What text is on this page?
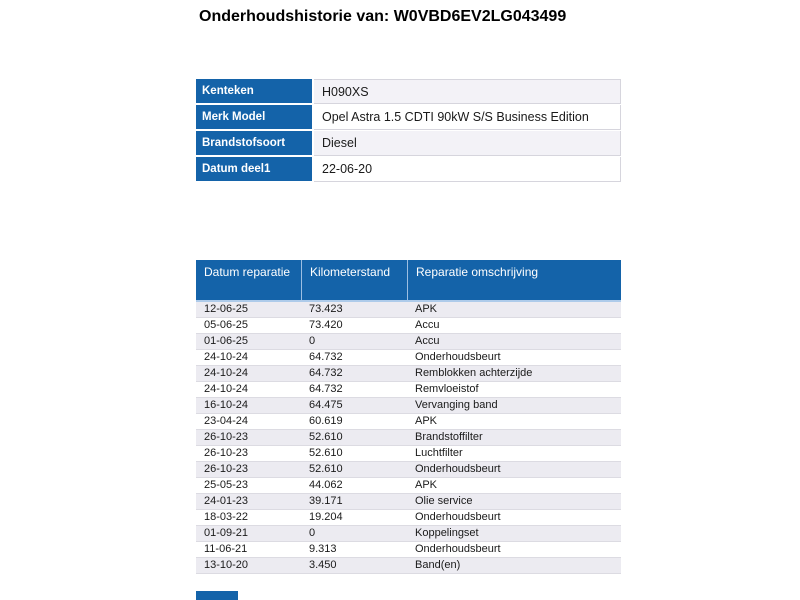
Onderhoudshistorie van: W0VBD6EV2LG043499
Kenteken	H090XS
Merk Model	Opel Astra 1.5 CDTI 90kW S/S Business Edition
Brandstofsoort	Diesel
Datum deel1	22-06-20
Datum reparatie	Kilometerstand	Reparatie omschrijving
12-06-25	73.423	APK
05-06-25	73.420	Accu
01-06-25	0	Accu
24-10-24	64.732	Onderhoudsbeurt
24-10-24	64.732	Remblokken achterzijde
24-10-24	64.732	Remvloeistof
16-10-24	64.475	Vervanging band
23-04-24	60.619	APK
26-10-23	52.610	Brandstoffilter
26-10-23	52.610	Luchtfilter
26-10-23	52.610	Onderhoudsbeurt
25-05-23	44.062	APK
24-01-23	39.171	Olie service
18-03-22	19.204	Onderhoudsbeurt
01-09-21	0	Koppelingset
11-06-21	9.313	Onderhoudsbeurt
13-10-20	3.450	Band(en)
